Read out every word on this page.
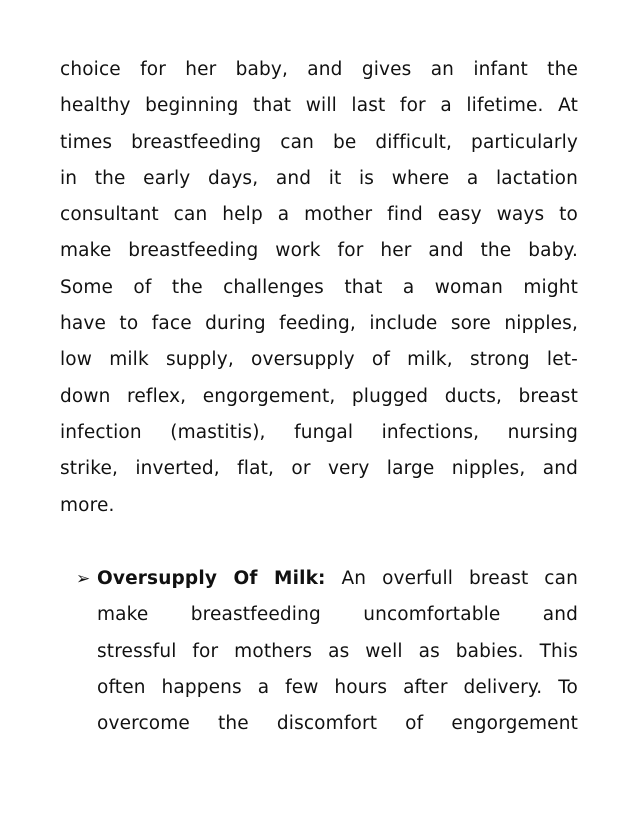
choice for her baby, and gives an infant the
healthy beginning that will last for a lifetime. At
times breastfeeding can be difficult, particularly
in the early days, and it is where a lactation
consultant can help a mother find easy ways to
make breastfeeding work for her and the baby.
Some of the challenges that a woman might
have to face during feeding, include sore nipples,
low milk supply, oversupply of milk, strong let-
down reflex, engorgement, plugged ducts, breast
infection (mastitis), fungal infections, nursing
strike, inverted, flat, or very large nipples, and
more.

➢ Oversupply Of Milk: An overfull breast can
make breastfeeding uncomfortable and
stressful for mothers as well as babies. This
often happens a few hours after delivery. To
overcome the discomfort of engorgement
